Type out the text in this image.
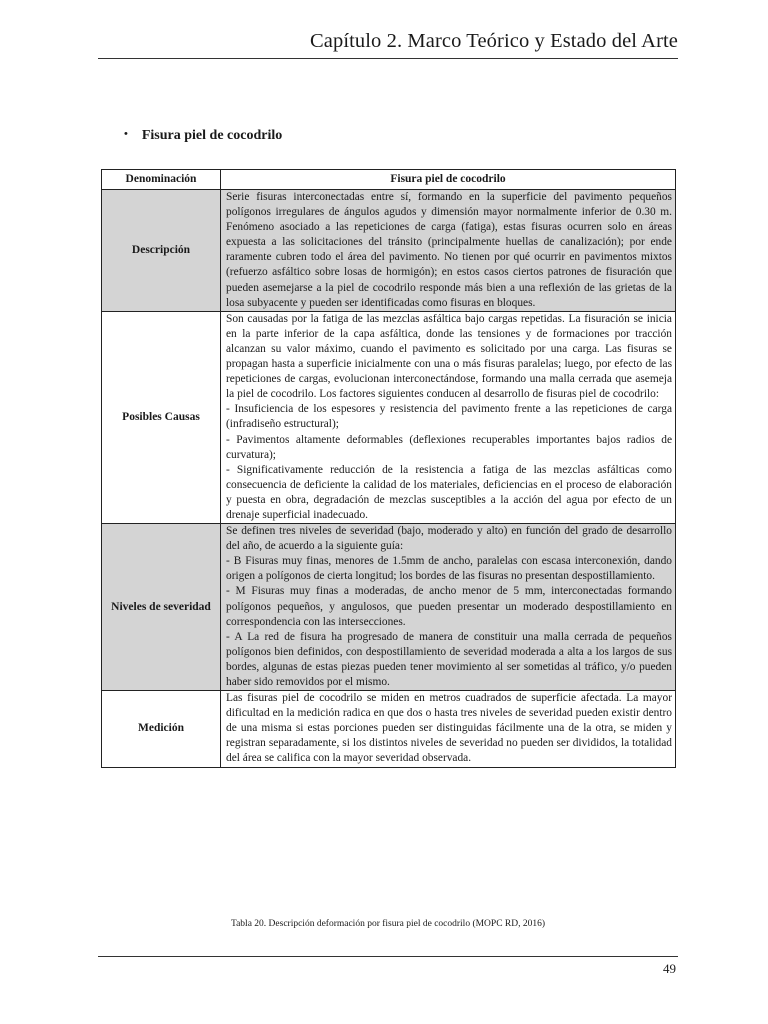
Capítulo 2. Marco Teórico y Estado del Arte
• Fisura piel de cocodrilo
Denominación	Fisura piel de cocodrilo
Descripción	Serie fisuras interconectadas entre sí, formando en la superficie del pavimento pequeños polígonos irregulares de ángulos agudos y dimensión mayor normalmente inferior de 0.30 m. Fenómeno asociado a las repeticiones de carga (fatiga), estas fisuras ocurren solo en áreas expuesta a las solicitaciones del tránsito (principalmente huellas de canalización); por ende raramente cubren todo el área del pavimento. No tienen por qué ocurrir en pavimentos mixtos (refuerzo asfáltico sobre losas de hormigón); en estos casos ciertos patrones de fisuración que pueden asemejarse a la piel de cocodrilo responde más bien a una reflexión de las grietas de la losa subyacente y pueden ser identificadas como fisuras en bloques.

Posibles Causas	Son causadas por la fatiga de las mezclas asfáltica bajo cargas repetidas. La fisuración se inicia en la parte inferior de la capa asfáltica, donde las tensiones y de formaciones por tracción alcanzan su valor máximo, cuando el pavimento es solicitado por una carga. Las fisuras se propagan hasta a superficie inicialmente con una o más fisuras paralelas; luego, por efecto de las repeticiones de cargas, evolucionan interconectándose, formando una malla cerrada que asemeja la piel de cocodrilo. Los factores siguientes conducen al desarrollo de fisuras piel de cocodrilo:

- Insuficiencia de los espesores y resistencia del pavimento frente a las repeticiones de carga (infradiseño estructural);

- Pavimentos altamente deformables (deflexiones recuperables importantes bajos radios de curvatura);

- Significativamente reducción de la resistencia a fatiga de las mezclas asfálticas como consecuencia de deficiente la calidad de los materiales, deficiencias en el proceso de elaboración y puesta en obra, degradación de mezclas susceptibles a la acción del agua por efecto de un drenaje superficial inadecuado.

Niveles de severidad	Se definen tres niveles de severidad (bajo, moderado y alto) en función del grado de desarrollo del año, de acuerdo a la siguiente guía:

- B Fisuras muy finas, menores de 1.5mm de ancho, paralelas con escasa interconexión, dando origen a polígonos de cierta longitud; los bordes de las fisuras no presentan despostillamiento.

- M Fisuras muy finas a moderadas, de ancho menor de 5 mm, interconectadas formando polígonos pequeños, y angulosos, que pueden presentar un moderado despostillamiento en correspondencia con las intersecciones.

- A La red de fisura ha progresado de manera de constituir una malla cerrada de pequeños polígonos bien definidos, con despostillamiento de severidad moderada a alta a los largos de sus bordes, algunas de estas piezas pueden tener movimiento al ser sometidas al tráfico, y/o pueden haber sido removidos por el mismo.

Medición	Las fisuras piel de cocodrilo se miden en metros cuadrados de superficie afectada. La mayor dificultad en la medición radica en que dos o hasta tres niveles de severidad pueden existir dentro de una misma si estas porciones pueden ser distinguidas fácilmente una de la otra, se miden y registran separadamente, si los distintos niveles de severidad no pueden ser divididos, la totalidad del área se califica con la mayor severidad observada.

Tabla 20. Descripción deformación por fisura piel de cocodrilo (MOPC RD, 2016)
49
